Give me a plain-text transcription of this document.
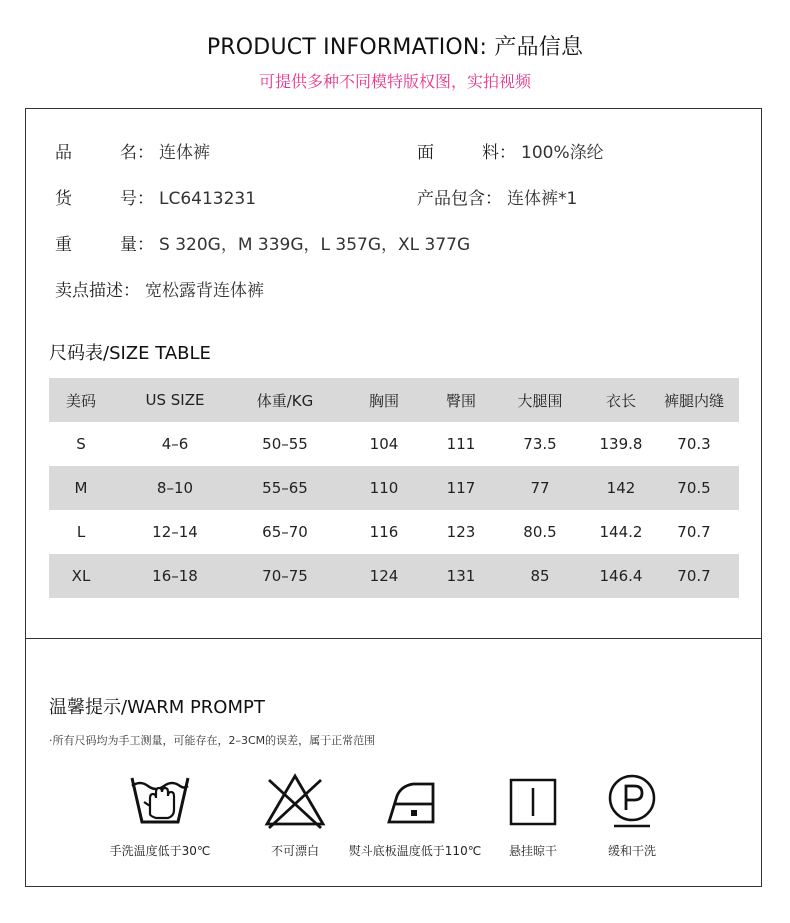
PRODUCT INFORMATION: 产品信息
可提供多种不同模特版权图，实拍视频
品	名 ： 连体裤	面	料 ： 100%涤纶
货	号 ： LC6413231	产品包含： 连体裤*1
重	量 ： S 320G，M 339G，L 357G，XL 377G
卖点描述： 宽松露背连体裤
尺码表/SIZE TABLE
美码	US SIZE	体重/KG	胸围	臀围	大腿围	衣长	裤腿内缝
S	4–6	50–55	104	111	73.5	139.8	70.3
M	8–10	55–65	110	117	77	142	70.5
L	12–14	65–70	116	123	80.5	144.2	70.7
XL	16–18	70–75	124	131	85	146.4	70.7
温馨提示/WARM PROMPT
·所有尺码均为手工测量，可能存在，2–3CM的误差，属于正常范围
手洗温度低于30℃	不可漂白	熨斗底板温度低于110℃	悬挂晾干	缓和干洗
